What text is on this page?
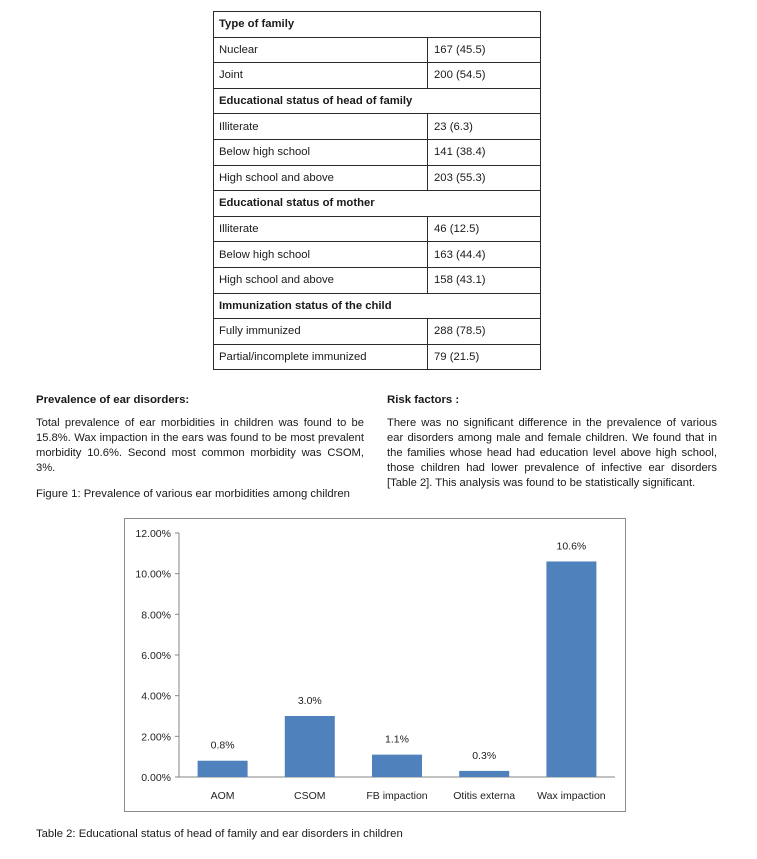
Type of family	
Nuclear	167 (45.5)
Joint	200 (54.5)
Educational status of head of family	
Illiterate	23 (6.3)
Below high school	141 (38.4)
High school and above	203 (55.3)
Educational status of mother	
Illiterate	46 (12.5)
Below high school	163 (44.4)
High school and above	158 (43.1)
Immunization status of the child	
Fully immunized	288 (78.5)
Partial/incomplete immunized	79 (21.5)
Prevalence of ear disorders:
Total prevalence of ear morbidities in children was found to be 15.8%. Wax impaction in the ears was found to be most prevalent morbidity 10.6%. Second most common morbidity was CSOM, 3%.
Figure 1: Prevalence of various ear morbidities among children
Risk factors :
There was no significant difference in the prevalence of various ear disorders among male and female children. We found that in the families whose head had education level above high school, those children had lower prevalence of infective ear disorders [Table 2]. This analysis was found to be statistically significant.
0.00%
2.00%
4.00%
6.00%
8.00%
10.00%
12.00%
0.8%
AOM
3.0%
CSOM
1.1%
FB impaction
0.3%
Otitis externa
10.6%
Wax impaction
Table 2: Educational status of head of family and ear disorders in children
